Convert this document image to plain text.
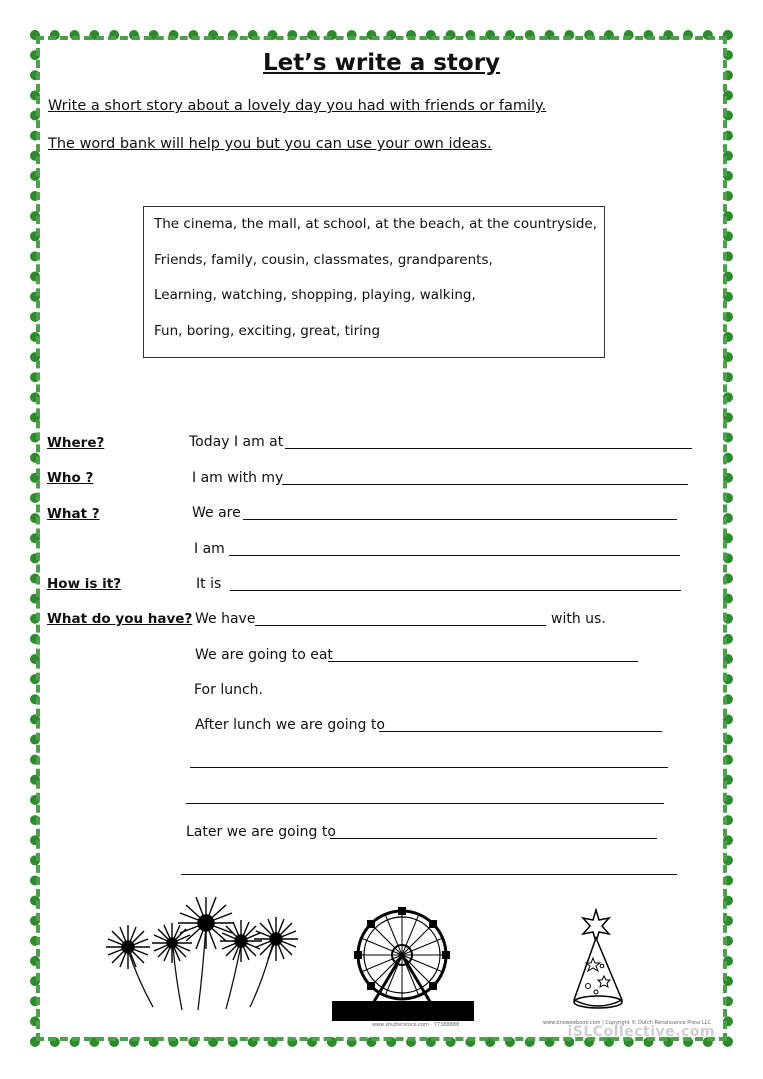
Let’s write a story
Write a short story about a lovely day you had with friends or family.
The word bank will help you but you can use your own ideas.
The cinema, the mall, at school, at the beach, at the countryside,
Friends, family, cousin, classmates, grandparents,
Learning, watching, shopping, playing, walking,
Fun, boring, exciting, great, tiring
Where?	Today I am at
Who ?	I am with my
What ?	We are
I am
How is it?	It is
What do you have? We have	with us.
We are going to eat
For lunch.
After lunch we are going to
Later we are going to
www.shutterstock.com · 77388888	www.bnoweebook.com | Copyright © Dutch Renaissance Press LLC
iSLCollective.com
